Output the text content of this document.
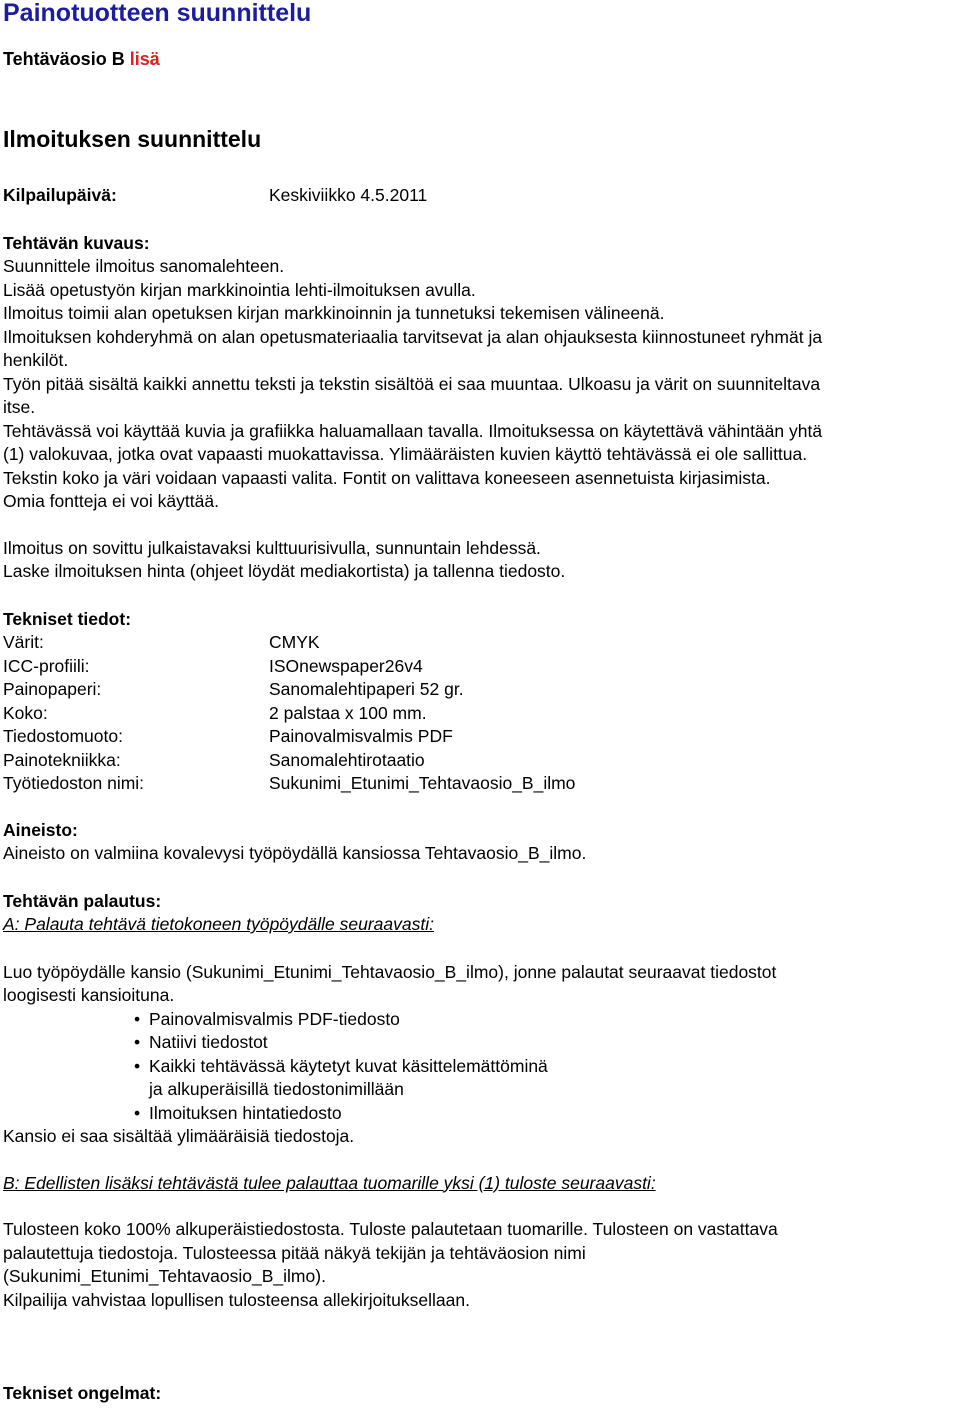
Painotuotteen suunnittelu
Tehtäväosio B lisä
Ilmoituksen suunnittelu
Kilpailupäivä:	Keskiviikko 4.5.2011
Tehtävän kuvaus:
Suunnittele ilmoitus sanomalehteen.
Lisää opetustyön kirjan markkinointia lehti-ilmoituksen avulla.
Ilmoitus toimii alan opetuksen kirjan markkinoinnin ja tunnetuksi tekemisen välineenä.
Ilmoituksen kohderyhmä on alan opetusmateriaalia tarvitsevat ja alan ohjauksesta kiinnostuneet ryhmät ja
henkilöt.
Työn pitää sisältä kaikki annettu teksti ja tekstin sisältöä ei saa muuntaa. Ulkoasu ja värit on suunniteltava
itse.
Tehtävässä voi käyttää kuvia ja grafiikka haluamallaan tavalla. Ilmoituksessa on käytettävä vähintään yhtä
(1) valokuvaa, jotka ovat vapaasti muokattavissa. Ylimääräisten kuvien käyttö tehtävässä ei ole sallittua.
Tekstin koko ja väri voidaan vapaasti valita. Fontit on valittava koneeseen asennetuista kirjasimista.
Omia fontteja ei voi käyttää.
Ilmoitus on sovittu julkaistavaksi kulttuurisivulla, sunnuntain lehdessä.
Laske ilmoituksen hinta (ohjeet löydät mediakortista) ja tallenna tiedosto.
Tekniset tiedot:
Värit:	CMYK
ICC-profiili:	ISOnewspaper26v4
Painopaperi:	Sanomalehtipaperi 52 gr.
Koko:	2 palstaa x 100 mm.
Tiedostomuoto:	Painovalmisvalmis PDF
Painotekniikka:	Sanomalehtirotaatio
Työtiedoston nimi:	Sukunimi_Etunimi_Tehtavaosio_B_ilmo
Aineisto:
Aineisto on valmiina kovalevysi työpöydällä kansiossa Tehtavaosio_B_ilmo.
Tehtävän palautus:
A: Palauta tehtävä tietokoneen työpöydälle seuraavasti:
Luo työpöydälle kansio (Sukunimi_Etunimi_Tehtavaosio_B_ilmo), jonne palautat seuraavat tiedostot
loogisesti kansioituna.
• Painovalmisvalmis PDF-tiedosto
• Natiivi tiedostot
• Kaikki tehtävässä käytetyt kuvat käsittelemättöminä
ja alkuperäisillä tiedostonimillään
• Ilmoituksen hintatiedosto
Kansio ei saa sisältää ylimääräisiä tiedostoja.
B: Edellisten lisäksi tehtävästä tulee palauttaa tuomarille yksi (1) tuloste seuraavasti:
Tulosteen koko 100% alkuperäistiedostosta. Tuloste palautetaan tuomarille. Tulosteen on vastattava
palautettuja tiedostoja. Tulosteessa pitää näkyä tekijän ja tehtäväosion nimi
(Sukunimi_Etunimi_Tehtavaosio_B_ilmo).
Kilpailija vahvistaa lopullisen tulosteensa allekirjoituksellaan.
Tekniset ongelmat:
